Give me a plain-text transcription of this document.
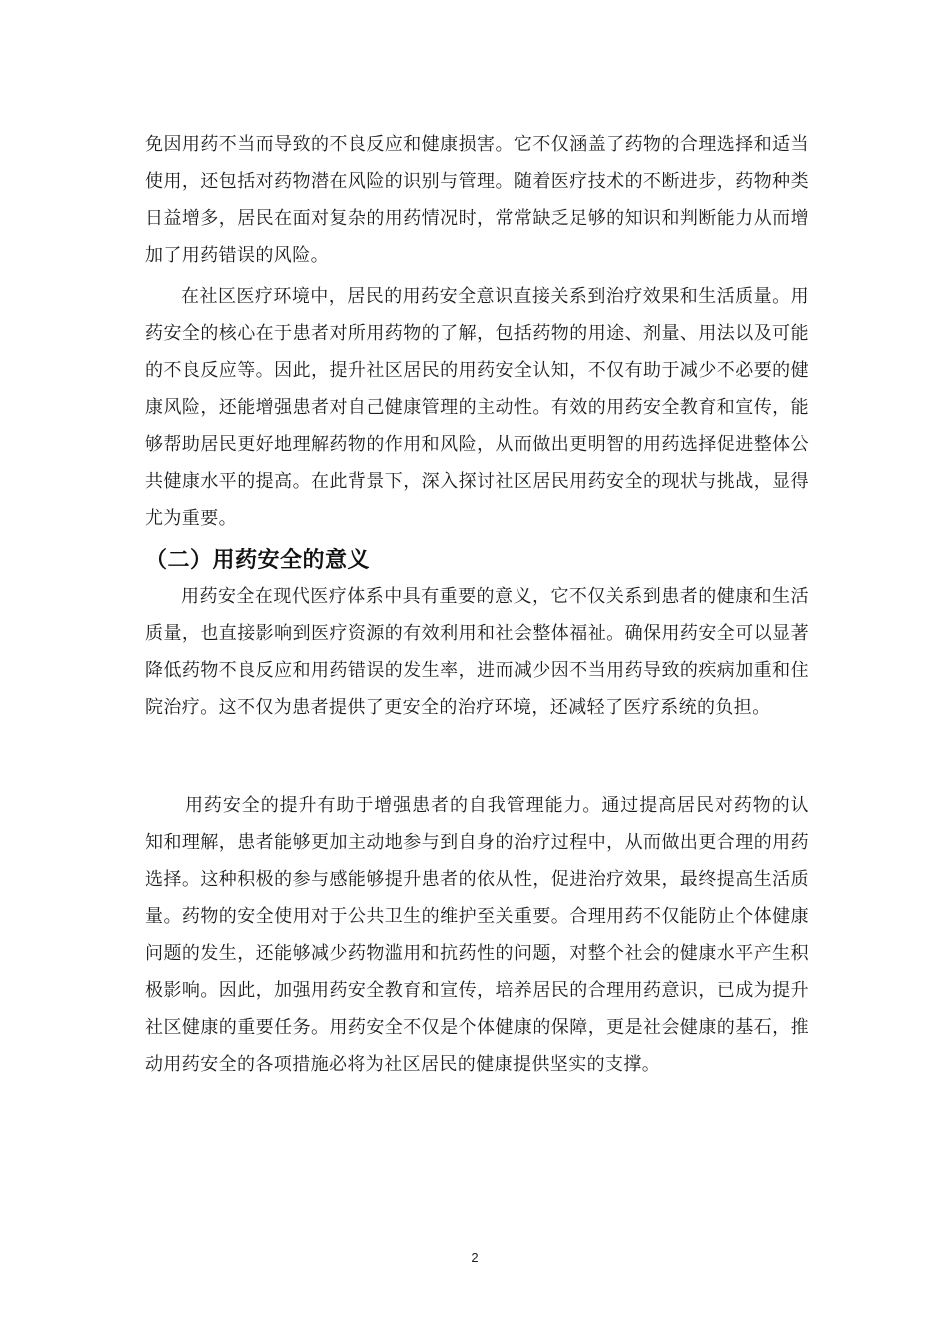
免因用药不当而导致的不良反应和健康损害。它不仅涵盖了药物的合理选择和适当使用，还包括对药物潜在风险的识别与管理。随着医疗技术的不断进步，药物种类日益增多，居民在面对复杂的用药情况时，常常缺乏足够的知识和判断能力从而增加了用药错误的风险。

在社区医疗环境中，居民的用药安全意识直接关系到治疗效果和生活质量。用药安全的核心在于患者对所用药物的了解，包括药物的用途、剂量、用法以及可能的不良反应等。因此，提升社区居民的用药安全认知，不仅有助于减少不必要的健康风险，还能增强患者对自己健康管理的主动性。有效的用药安全教育和宣传，能够帮助居民更好地理解药物的作用和风险，从而做出更明智的用药选择促进整体公共健康水平的提高。在此背景下，深入探讨社区居民用药安全的现状与挑战，显得尤为重要。

（二）用药安全的意义

用药安全在现代医疗体系中具有重要的意义，它不仅关系到患者的健康和生活质量，也直接影响到医疗资源的有效利用和社会整体福祉。确保用药安全可以显著降低药物不良反应和用药错误的发生率，进而减少因不当用药导致的疾病加重和住院治疗。这不仅为患者提供了更安全的治疗环境，还减轻了医疗系统的负担。

用药安全的提升有助于增强患者的自我管理能力。通过提高居民对药物的认知和理解，患者能够更加主动地参与到自身的治疗过程中，从而做出更合理的用药选择。这种积极的参与感能够提升患者的依从性，促进治疗效果，最终提高生活质量。药物的安全使用对于公共卫生的维护至关重要。合理用药不仅能防止个体健康问题的发生，还能够减少药物滥用和抗药性的问题，对整个社会的健康水平产生积极影响。因此，加强用药安全教育和宣传，培养居民的合理用药意识，已成为提升社区健康的重要任务。用药安全不仅是个体健康的保障，更是社会健康的基石，推动用药安全的各项措施必将为社区居民的健康提供坚实的支撑。

2
